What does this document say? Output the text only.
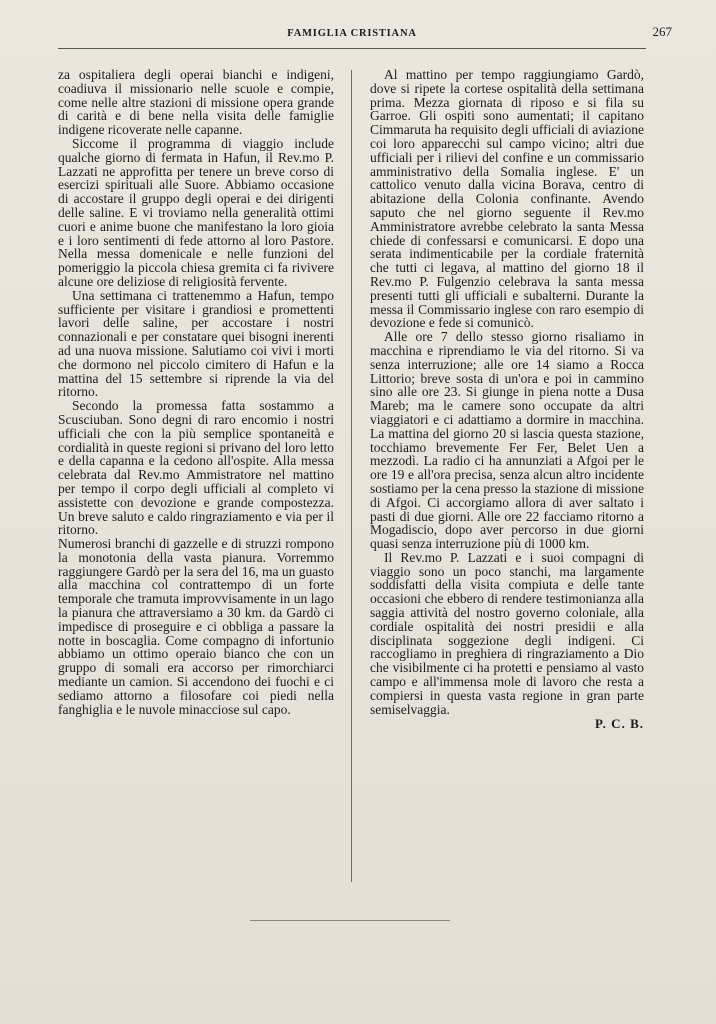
FAMIGLIA CRISTIANA	267

za ospitaliera degli operai bianchi e indigeni, coadiuva il missionario nelle scuole e compie, come nelle altre stazioni di missione opera grande di carità e di bene nella visita delle famiglie indigene ricoverate nelle capanne.

Siccome il programma di viaggio include qualche giorno di fermata in Hafun, il Rev.mo P. Lazzati ne approfitta per tenere un breve corso di esercizi spirituali alle Suore. Abbiamo occasione di accostare il gruppo degli operai e dei dirigenti delle saline. E vi troviamo nella generalità ottimi cuori e anime buone che manifestano la loro gioia e i loro sentimenti di fede attorno al loro Pastore. Nella messa domenicale e nelle funzioni del pomeriggio la piccola chiesa gremita ci fa rivivere alcune ore deliziose di religiosità fervente.

Una settimana ci trattenemmo a Hafun, tempo sufficiente per visitare i grandiosi e promettenti lavori delle saline, per accostare i nostri connazionali e per constatare quei bisogni inerenti ad una nuova missione. Salutiamo coi vivi i morti che dormono nel piccolo cimitero di Hafun e la mattina del 15 settembre si riprende la via del ritorno.

Secondo la promessa fatta sostammo a Scusciuban. Sono degni di raro encomio i nostri ufficiali che con la più semplice spontaneità e cordialità in queste regioni si privano del loro letto e della capanna e la cedono all'ospite. Alla messa celebrata dal Rev.mo Ammistratore nel mattino per tempo il corpo degli ufficiali al completo vi assistette con devozione e grande compostezza. Un breve saluto e caldo ringraziamento e via per il ritorno.

Numerosi branchi di gazzelle e di struzzi rompono la monotonia della vasta pianura. Vorremmo raggiungere Gardò per la sera del 16, ma un guasto alla macchina col contrattempo di un forte temporale che tramuta improvvisamente in un lago la pianura che attraversiamo a 30 km. da Gardò ci impedisce di proseguire e ci obbliga a passare la notte in boscaglia. Come compagno di infortunio abbiamo un ottimo operaio bianco che con un gruppo di somali era accorso per rimorchiarci mediante un camion. Si accendono dei fuochi e ci sediamo attorno a filosofare coi piedi nella fanghiglia e le nuvole minacciose sul capo.

Al mattino per tempo raggiungiamo Gardò, dove si ripete la cortese ospitalità della settimana prima. Mezza giornata di riposo e si fila su Garroe. Gli ospiti sono aumentati; il capitano Cimmaruta ha requisito degli ufficiali di aviazione coi loro apparecchi sul campo vicino; altri due ufficiali per i rilievi del confine e un commissario amministrativo della Somalia inglese. E' un cattolico venuto dalla vicina Borava, centro di abitazione della Colonia confinante. Avendo saputo che nel giorno seguente il Rev.mo Amministratore avrebbe celebrato la santa Messa chiede di confessarsi e comunicarsi. E dopo una serata indimenticabile per la cordiale fraternità che tutti ci legava, al mattino del giorno 18 il Rev.mo P. Fulgenzio celebrava la santa messa presenti tutti gli ufficiali e subalterni. Durante la messa il Commissario inglese con raro esempio di devozione e fede si comunicò.

Alle ore 7 dello stesso giorno risaliamo in macchina e riprendiamo le via del ritorno. Si va senza interruzione; alle ore 14 siamo a Rocca Littorio; breve sosta di un'ora e poi in cammino sino alle ore 23. Si giunge in piena notte a Dusa Mareb; ma le camere sono occupate da altri viaggiatori e ci adattiamo a dormire in macchina. La mattina del giorno 20 si lascia questa stazione, tocchiamo brevemente Fer Fer, Belet Uen a mezzodì. La radio ci ha annunziati a Afgoi per le ore 19 e all'ora precisa, senza alcun altro incidente sostiamo per la cena presso la stazione di missione di Afgoi. Ci accorgiamo allora di aver saltato i pasti di due giorni. Alle ore 22 facciamo ritorno a Mogadiscio, dopo aver percorso in due giorni quasi senza interruzione più di 1000 km.

Il Rev.mo P. Lazzati e i suoi compagni di viaggio sono un poco stanchi, ma largamente soddisfatti della visita compiuta e delle tante occasioni che ebbero di rendere testimonianza alla saggia attività del nostro governo coloniale, alla cordiale ospitalità dei nostri presidii e alla disciplinata soggezione degli indigeni. Ci raccogliamo in preghiera di ringraziamento a Dio che visibilmente ci ha protetti e pensiamo al vasto campo e all'immensa mole di lavoro che resta a compiersi in questa vasta regione in gran parte semiselvaggia.

P. C. B.
